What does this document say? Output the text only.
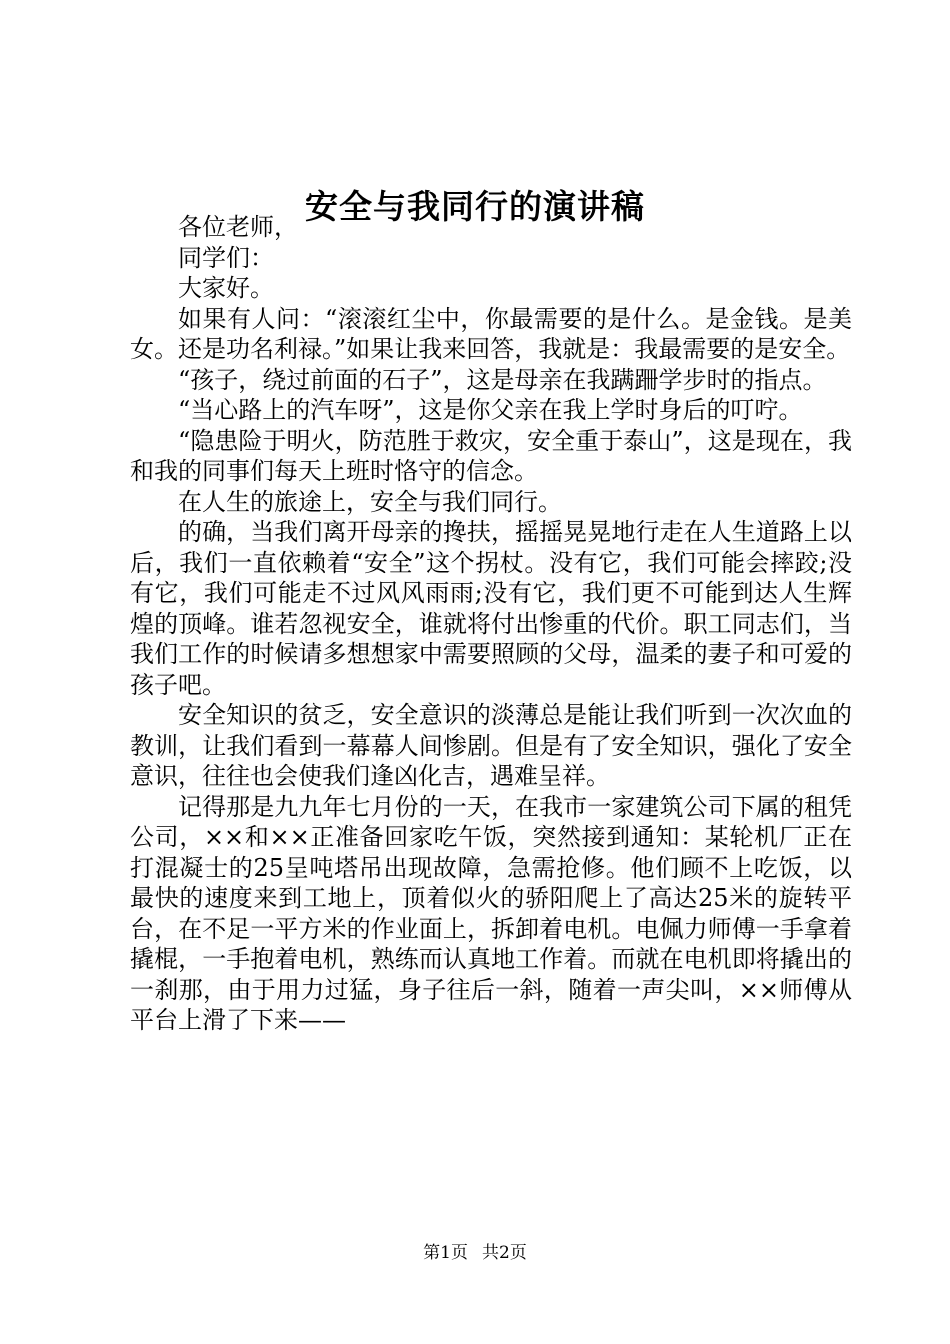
安全与我同行的演讲稿

各位老师，

同学们：

大家好。

如果有人问：“滚滚红尘中，你最需要的是什么。是金钱。是美女。还是功名利禄。”如果让我来回答，我就是：我最需要的是安全。

“孩子，绕过前面的石子”，这是母亲在我蹒跚学步时的指点。

“当心路上的汽车呀”，这是你父亲在我上学时身后的叮咛。

“隐患险于明火，防范胜于救灾，安全重于泰山”，这是现在，我和我的同事们每天上班时恪守的信念。

在人生的旅途上，安全与我们同行。

的确，当我们离开母亲的搀扶，摇摇晃晃地行走在人生道路上以后，我们一直依赖着“安全”这个拐杖。没有它，我们可能会摔跤;没有它，我们可能走不过风风雨雨;没有它，我们更不可能到达人生辉煌的顶峰。谁若忽视安全，谁就将付出惨重的代价。职工同志们，当我们工作的时候请多想想家中需要照顾的父母，温柔的妻子和可爱的孩子吧。

安全知识的贫乏，安全意识的淡薄总是能让我们听到一次次血的教训，让我们看到一幕幕人间惨剧。但是有了安全知识，强化了安全意识，往往也会使我们逢凶化吉，遇难呈祥。

记得那是九九年七月份的一天，在我市一家建筑公司下属的租凭公司，××和××正准备回家吃午饭，突然接到通知：某轮机厂正在打混凝士的25呈吨塔吊出现故障，急需抢修。他们顾不上吃饭，以最快的速度来到工地上，顶着似火的骄阳爬上了高达25米的旋转平台，在不足一平方米的作业面上，拆卸着电机。电佩力师傅一手拿着撬棍，一手抱着电机，熟练而认真地工作着。而就在电机即将撬出的一刹那，由于用力过猛，身子往后一斜，随着一声尖叫，××师傅从平台上滑了下来——

第1页 共2页
